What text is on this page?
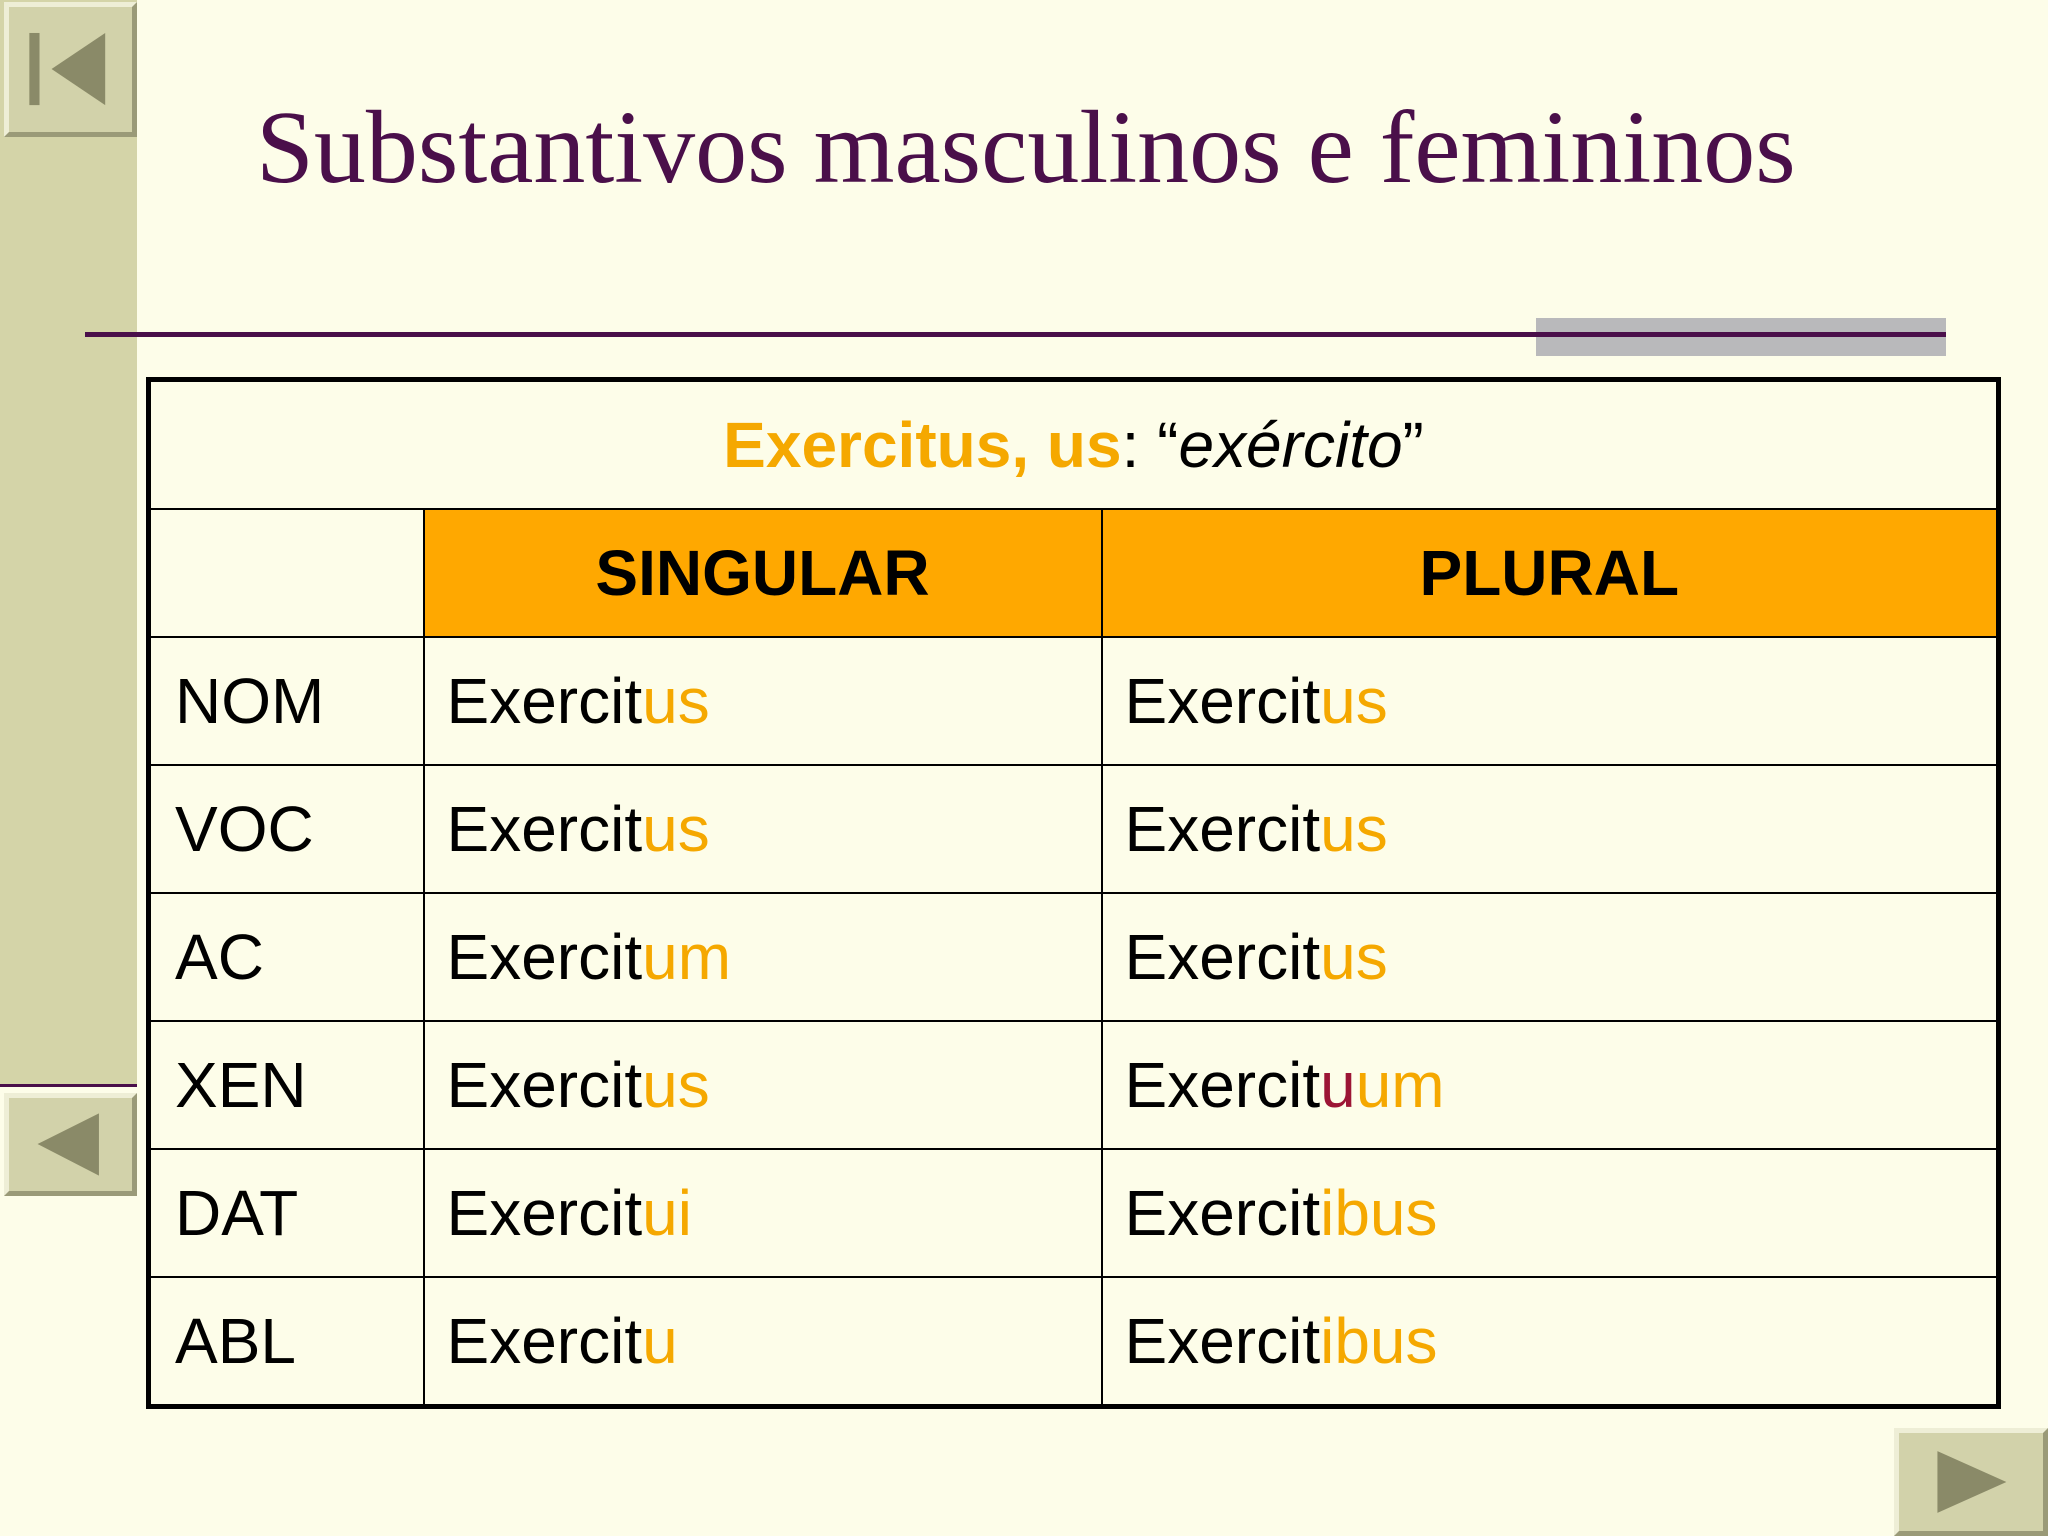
Substantivos masculinos e femininos
Exercitus, us: “exército”		
	SINGULAR	PLURAL
NOM	Exercitus	Exercitus
VOC	Exercitus	Exercitus
AC	Exercitum	Exercitus
XEN	Exercitus	Exercituum
DAT	Exercitui	Exercitibus
ABL	Exercitu	Exercitibus
